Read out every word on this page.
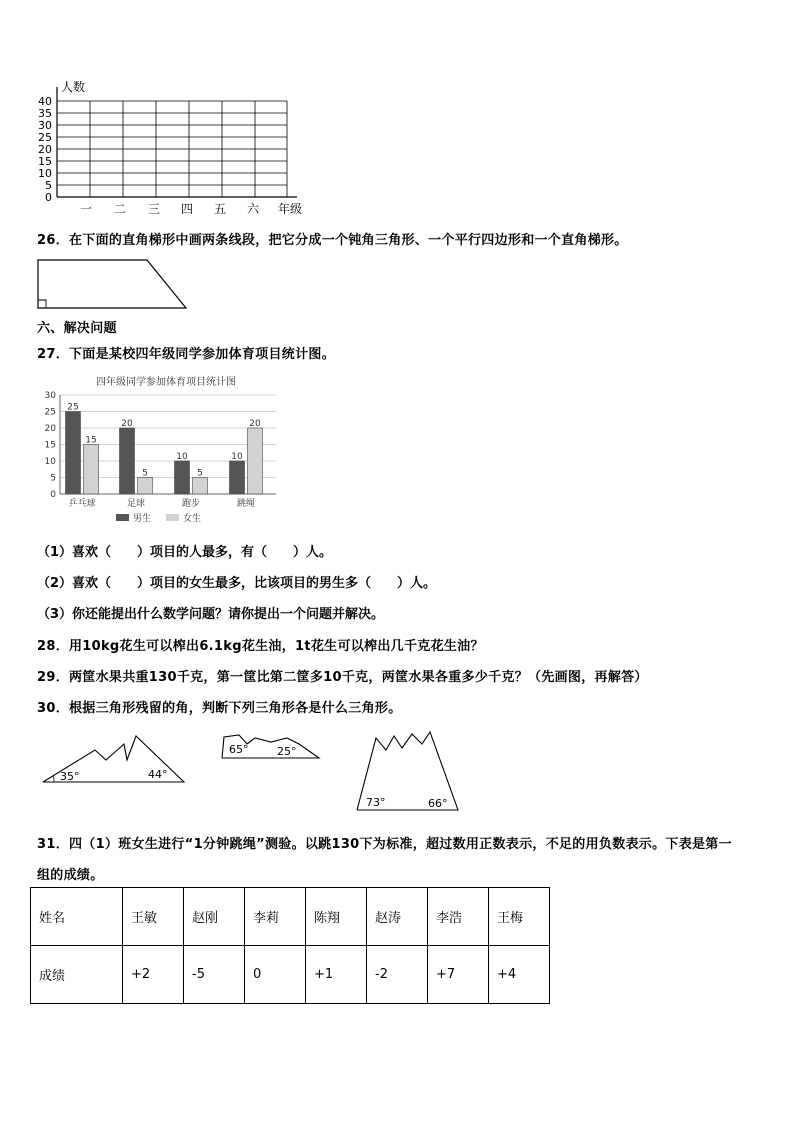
人数
40
35
30
25
20
15
10
5
0
一 二 三 四 五 六 年级
26．在下面的直角梯形中画两条线段，把它分成一个钝角三角形、一个平行四边形和一个直角梯形。
六、解决问题
27．下面是某校四年级同学参加体育项目统计图。
四年级同学参加体育项目统计图
0
5
10
15
20
25
30
25
15
20
5
10
5
10
20
乒乓球	足球	跑步	跳绳
男生	女生
（1）喜欢（　　）项目的人最多，有（　　）人。
（2）喜欢（　　）项目的女生最多，比该项目的男生多（　　）人。
（3）你还能提出什么数学问题？请你提出一个问题并解决。
28．用10kg花生可以榨出6.1kg花生油，1t花生可以榨出几千克花生油？
29．两筐水果共重130千克，第一筐比第二筐多10千克，两筐水果各重多少千克？（先画图，再解答）
30．根据三角形残留的角，判断下列三角形各是什么三角形。
35°	44°
65°	25°
73°	66°
31．四（1）班女生进行“1分钟跳绳”测验。以跳130下为标准，超过数用正数表示，不足的用负数表示。下表是第一
组的成绩。
姓名	王敏	赵刚	李莉	陈翔	赵涛	李浩	王梅
成绩	+2	-5	0	+1	-2	+7	+4
